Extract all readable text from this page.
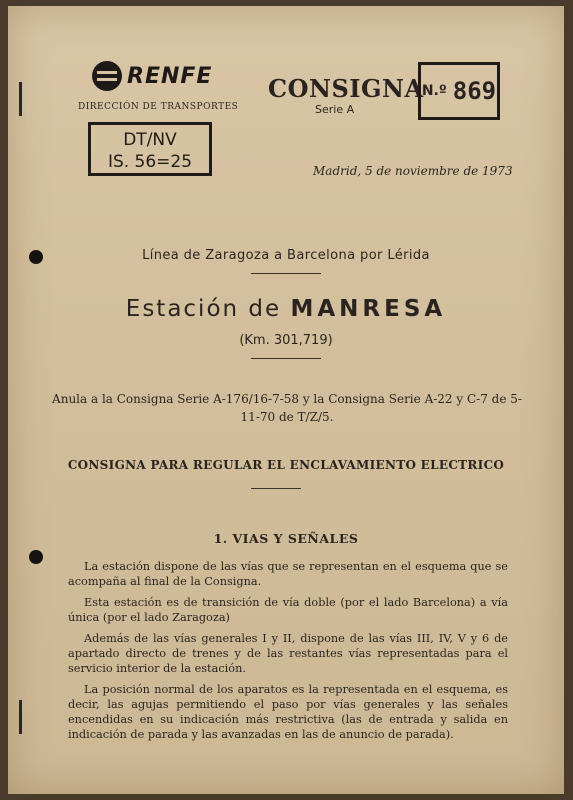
RENFE
DIRECCIÓN DE TRANSPORTES
DT/NV
IS. 56=25
CONSIGNA
Serie A
N.º 869
Madrid, 5 de noviembre de 1973
Línea de Zaragoza a Barcelona por Lérida
Estación de MANRESA
(Km. 301,719)
Anula a la Consigna Serie A-176/16-7-58 y la Consigna Serie A-22 y C-7 de 5-11-70 de T/Z/5.
CONSIGNA PARA REGULAR EL ENCLAVAMIENTO ELECTRICO
1. VIAS Y SEÑALES
La estación dispone de las vías que se representan en el esquema que se acompaña al final de la Consigna.
Esta estación es de transición de vía doble (por el lado Barcelona) a vía única (por el lado Zaragoza)
Además de las vías generales I y II, dispone de las vías III, IV, V y 6 de apartado directo de trenes y de las restantes vías representadas para el servicio interior de la estación.
La posición normal de los aparatos es la representada en el esquema, es decir, las agujas permitiendo el paso por vías generales y las señales encendidas en su indicación más restrictiva (las de entrada y salida en indicación de parada y las avanzadas en las de anuncio de parada).
